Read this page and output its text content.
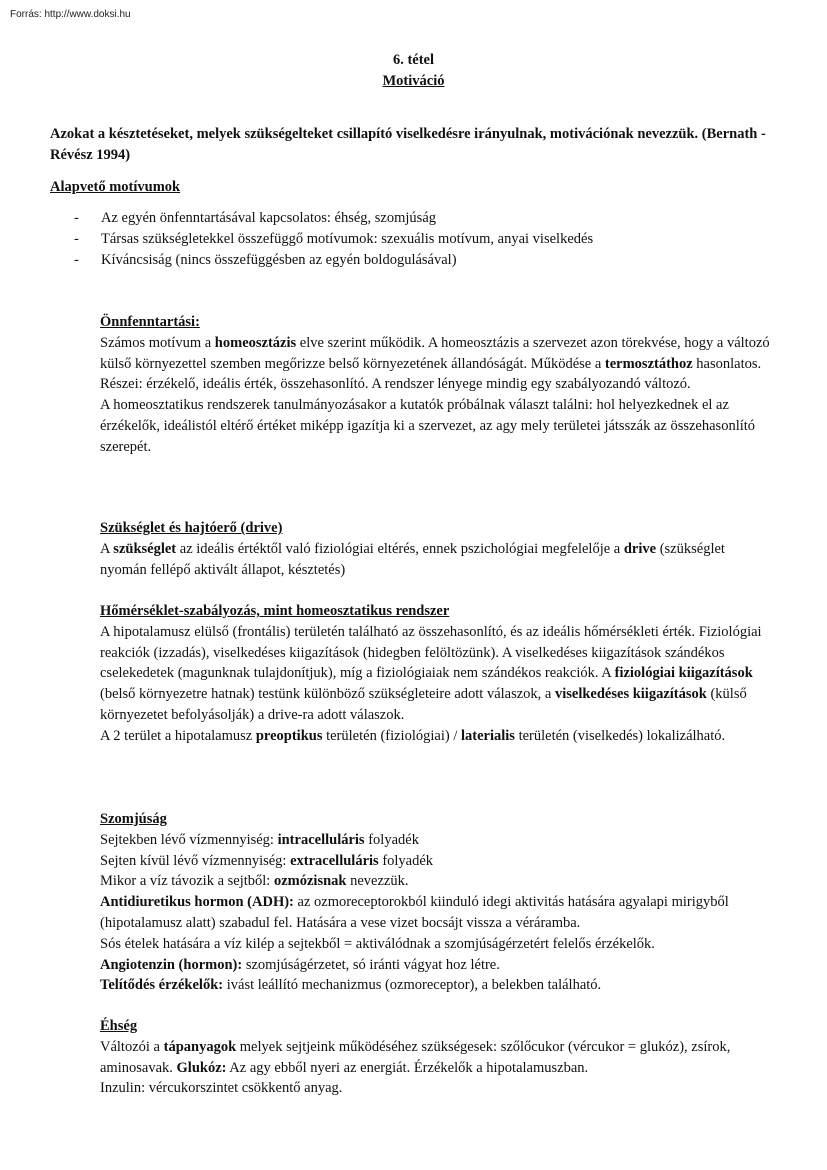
Forrás: http://www.doksi.hu
6. tétel
Motiváció
Azokat a késztetéseket, melyek szükségelteket csillapító viselkedésre irányulnak, motivációnak nevezzük. (Bernath - Révész 1994)
Alapvető motívumok
- Az egyén önfenntartásával kapcsolatos: éhség, szomjúság
- Társas szükségletekkel összefüggő motívumok: szexuális motívum, anyai viselkedés
- Kíváncsiság (nincs összefüggésben az egyén boldogulásával)

Önnfenntartási:

Számos motívum a homeosztázis elve szerint működik. A homeosztázis a szervezet azon törekvése, hogy a változó külső környezettel szemben megőrizze belső környezetének állandóságát. Működése a termosztáthoz hasonlatos.

Részei: érzékelő, ideális érték, összehasonlító. A rendszer lényege mindig egy szabályozandó változó.

A homeosztatikus rendszerek tanulmányozásakor a kutatók próbálnak választ találni: hol helyezkednek el az érzékelők, ideálistól eltérő értéket miképp igazítja ki a szervezet, az agy mely területei játsszák az összehasonlító szerepét.

Szükséglet és hajtóerő (drive)

A szükséglet az ideális értéktől való fiziológiai eltérés, ennek pszichológiai megfelelője a drive (szükséglet nyomán fellépő aktivált állapot, késztetés)

Hőmérséklet-szabályozás, mint homeosztatikus rendszer

A hipotalamusz elülső (frontális) területén található az összehasonlító, és az ideális hőmérsékleti érték. Fiziológiai reakciók (izzadás), viselkedéses kiigazítások (hidegben felöltözünk). A viselkedéses kiigazítások szándékos cselekedetek (magunknak tulajdonítjuk), míg a fiziológiaiak nem szándékos reakciók. A fiziológiai kiigazítások (belső környezetre hatnak) testünk különböző szükségleteire adott válaszok, a viselkedéses kiigazítások (külső környezetet befolyásolják) a drive-ra adott válaszok.

A 2 terület a hipotalamusz preoptikus területén (fiziológiai) / laterialis területén (viselkedés) lokalizálható.

Szomjúság

Sejtekben lévő vízmennyiség: intracelluláris folyadék

Sejten kívül lévő vízmennyiség: extracelluláris folyadék

Mikor a víz távozik a sejtből: ozmózisnak nevezzük.

Antidiuretikus hormon (ADH): az ozmoreceptorokból kiinduló idegi aktivitás hatására agyalapi mirigyből (hipotalamusz alatt) szabadul fel. Hatására a vese vizet bocsájt vissza a véráramba.

Sós ételek hatására a víz kilép a sejtekből = aktiválódnak a szomjúságérzetért felelős érzékelők.

Angiotenzin (hormon): szomjúságérzetet, só iránti vágyat hoz létre.

Telítődés érzékelők: ivást leállító mechanizmus (ozmoreceptor), a belekben található.

Éhség

Változói a tápanyagok melyek sejtjeink működéséhez szükségesek: szőlőcukor (vércukor = glukóz), zsírok, aminosavak. Glukóz: Az agy ebből nyeri az energiát. Érzékelők a hipotalamuszban.

Inzulin: vércukorszintet csökkentő anyag.
